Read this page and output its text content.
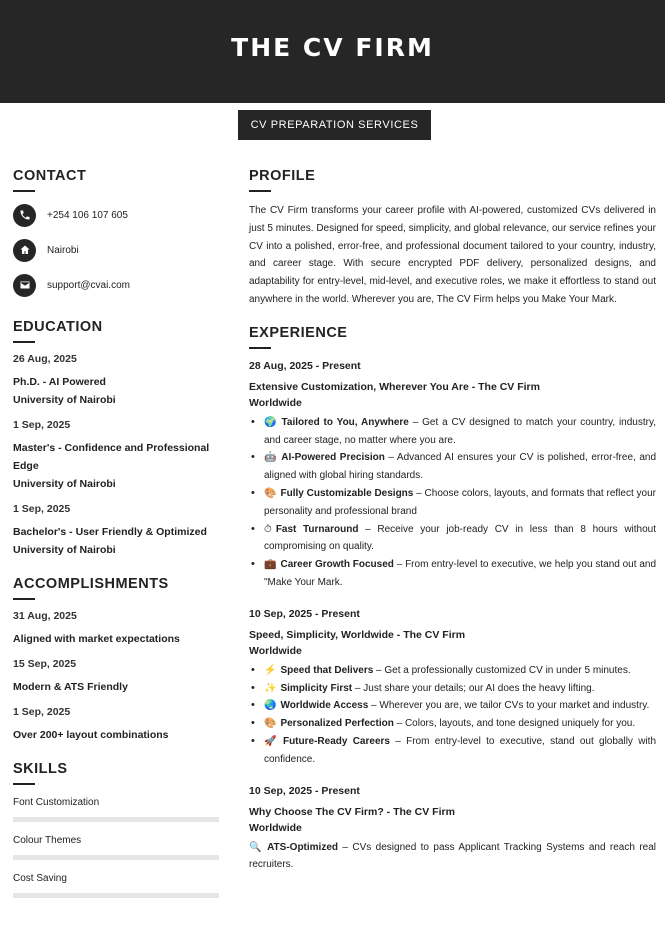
THE CV FIRM
CV PREPARATION SERVICES
CONTACT
+254 106 107 605
Nairobi
support@cvai.com
EDUCATION
26 Aug, 2025
Ph.D. - AI Powered
University of Nairobi
1 Sep, 2025
Master's - Confidence and Professional Edge
University of Nairobi
1 Sep, 2025
Bachelor's - User Friendly & Optimized
University of Nairobi
ACCOMPLISHMENTS
31 Aug, 2025
Aligned with market expectations
15 Sep, 2025
Modern & ATS Friendly
1 Sep, 2025
Over 200+ layout combinations
SKILLS
Font Customization
Colour Themes
Cost Saving
PROFILE
The CV Firm transforms your career profile with AI-powered, customized CVs delivered in just 5 minutes. Designed for speed, simplicity, and global relevance, our service refines your CV into a polished, error-free, and professional document tailored to your country, industry, and career stage. With secure encrypted PDF delivery, personalized designs, and adaptability for entry-level, mid-level, and executive roles, we make it effortless to stand out anywhere in the world. Wherever you are, The CV Firm helps you Make Your Mark.
EXPERIENCE
28 Aug, 2025 - Present
Extensive Customization, Wherever You Are - The CV Firm
Worldwide
• 🌍 Tailored to You, Anywhere – Get a CV designed to match your country, industry, and career stage, no matter where you are.
• 🤖 AI-Powered Precision – Advanced AI ensures your CV is polished, error-free, and aligned with global hiring standards.
• 🎨 Fully Customizable Designs – Choose colors, layouts, and formats that reflect your personality and professional brand
• ⏱ Fast Turnaround – Receive your job-ready CV in less than 8 hours without compromising on quality.
• 💼 Career Growth Focused – From entry-level to executive, we help you stand out and "Make Your Mark.
10 Sep, 2025 - Present
Speed, Simplicity, Worldwide - The CV Firm
Worldwide
• ⚡ Speed that Delivers – Get a professionally customized CV in under 5 minutes.
• ✨ Simplicity First – Just share your details; our AI does the heavy lifting.
• 🌏 Worldwide Access – Wherever you are, we tailor CVs to your market and industry.
• 🎨 Personalized Perfection – Colors, layouts, and tone designed uniquely for you.
• 🚀 Future-Ready Careers – From entry-level to executive, stand out globally with confidence.
10 Sep, 2025 - Present
Why Choose The CV Firm? - The CV Firm
Worldwide
🔍 ATS-Optimized – CVs designed to pass Applicant Tracking Systems and reach real recruiters.
